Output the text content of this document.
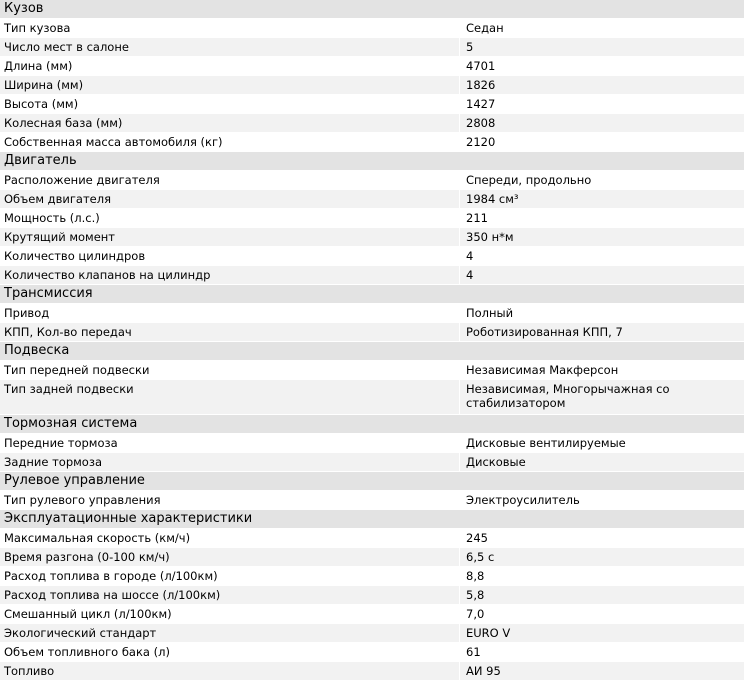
Кузов
Тип кузова	Седан
Число мест в салоне	5
Длина (мм)	4701
Ширина (мм)	1826
Высота (мм)	1427
Колесная база (мм)	2808
Собственная масса автомобиля (кг)	2120
Двигатель
Расположение двигателя	Спереди, продольно
Объем двигателя	1984 см³
Мощность (л.с.)	211
Крутящий момент	350 н*м
Количество цилиндров	4
Количество клапанов на цилиндр	4
Трансмиссия
Привод	Полный
КПП, Кол-во передач	Роботизированная КПП, 7
Подвеска
Тип передней подвески	Независимая Макферсон
Тип задней подвески	Независимая, Многорычажная со стабилизатором
Тормозная система
Передние тормоза	Дисковые вентилируемые
Задние тормоза	Дисковые
Рулевое управление
Тип рулевого управления	Электроусилитель
Эксплуатационные характеристики
Максимальная скорость (км/ч)	245
Время разгона (0-100 км/ч)	6,5 с
Расход топлива в городе (л/100км)	8,8
Расход топлива на шоссе (л/100км)	5,8
Смешанный цикл (л/100км)	7,0
Экологический стандарт	EURO V
Объем топливного бака (л)	61
Топливо	АИ 95
